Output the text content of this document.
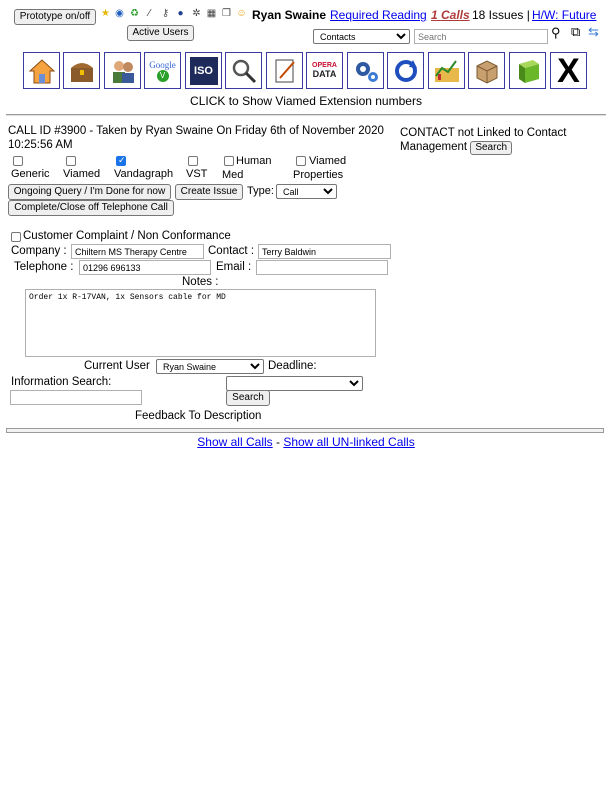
Prototype on/off	★ ◉ ♻ ⁄	⚷ ● ✲ ▦ ❐ ☺ Ryan Swaine Required Reading 1 Calls 18 Issues | H/W: Future
Active Users
Contacts
Search	⚲ ⧉ ⇆
Google
V	ISO	OPERA
DATA	X
CLICK to Show Viamed Extension numbers
CALL ID #3900 - Taken by Ryan Swaine On Friday 6th of November 2020 10:25:56 AM
CONTACT not Linked to Contact Management Search
Generic Viamed
✓ Vandagraph VST
Human
Med
Viamed
Properties
Ongoing Query / I'm Done for now	Create Issue Type:
Call
Complete/Close off Telephone Call
Customer Complaint / Non Conformance
Company :
Chiltern MS Therapy Centre	Contact :
Terry Baldwin
Telephone :
01296 696133	Email :
Notes :
Order 1x R-17VAN, 1x Sensors cable for MD
Current User
Ryan Swaine	Deadline:
Information Search:
Search
Feedback To Description
Show all Calls - Show all UN-linked Calls
